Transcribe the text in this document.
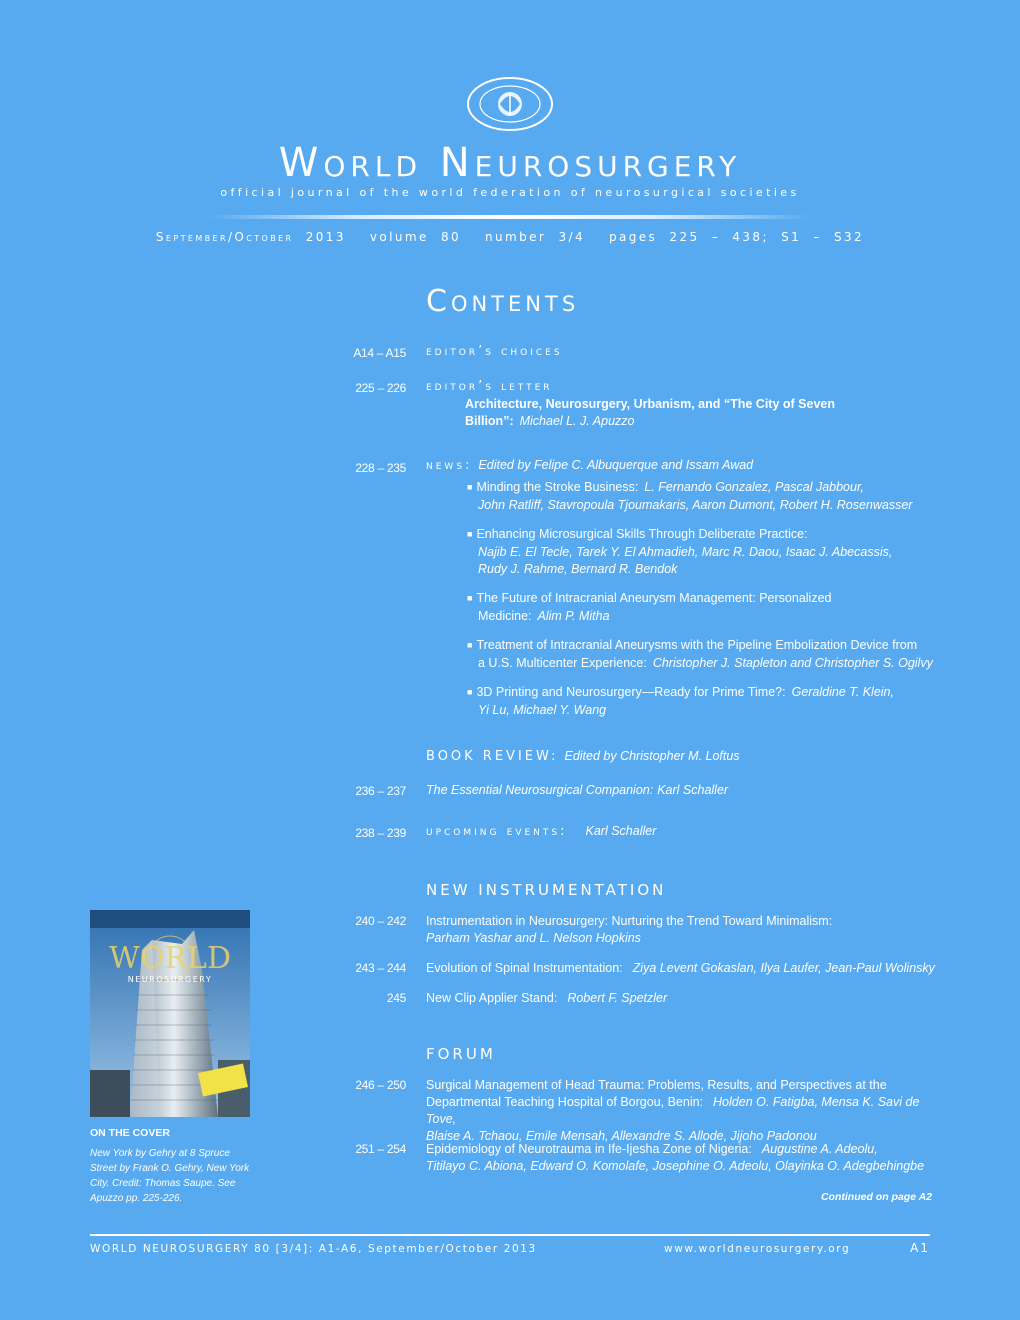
World Neurosurgery
official journal of the world federation of neurosurgical societies
September/October 2013 volume 80 number 3/4 pages 225 – 438; S1 – S32
Contents
A14 – A15 editor’s choices
225 – 226 editor’s letter
Architecture, Neurosurgery, Urbanism, and “The City of Seven
Billion”: Michael L. J. Apuzzo
228 – 235 news: Edited by Felipe C. Albuquerque and Issam Awad
■ Minding the Stroke Business: L. Fernando Gonzalez, Pascal Jabbour,
John Ratliff, Stavropoula Tjoumakaris, Aaron Dumont, Robert H. Rosenwasser
■ Enhancing Microsurgical Skills Through Deliberate Practice:
Najib E. El Tecle, Tarek Y. El Ahmadieh, Marc R. Daou, Isaac J. Abecassis,
Rudy J. Rahme, Bernard R. Bendok
■ The Future of Intracranial Aneurysm Management: Personalized
Medicine: Alim P. Mitha
■ Treatment of Intracranial Aneurysms with the Pipeline Embolization Device from
a U.S. Multicenter Experience: Christopher J. Stapleton and Christopher S. Ogilvy
■ 3D Printing and Neurosurgery—Ready for Prime Time?: Geraldine T. Klein,
Yi Lu, Michael Y. Wang
BOOK REVIEW: Edited by Christopher M. Loftus
236 – 237 The Essential Neurosurgical Companion: Karl Schaller
238 – 239 upcoming events: Karl Schaller
NEW INSTRUMENTATION
240 – 242 Instrumentation in Neurosurgery: Nurturing the Trend Toward Minimalism:
Parham Yashar and L. Nelson Hopkins
243 – 244 Evolution of Spinal Instrumentation: Ziya Levent Gokaslan, Ilya Laufer, Jean-Paul Wolinsky
245 New Clip Applier Stand: Robert F. Spetzler
FORUM
246 – 250 Surgical Management of Head Trauma: Problems, Results, and Perspectives at the
Departmental Teaching Hospital of Borgou, Benin: Holden O. Fatigba, Mensa K. Savi de Tove,
Blaise A. Tchaou, Emile Mensah, Allexandre S. Allode, Jijoho Padonou
251 – 254 Epidemiology of Neurotrauma in Ife-Ijesha Zone of Nigeria: Augustine A. Adeolu,
Titilayo C. Abiona, Edward O. Komolafe, Josephine O. Adeolu, Olayinka O. Adegbehingbe
WORLD
NEUROSURGERY
ON THE COVER
New York by Gehry at 8 Spruce Street by Frank O. Gehry, New York City. Credit: Thomas Saupe. See Apuzzo pp. 225-226.	Continued on page A2
WORLD NEUROSURGERY 80 [3/4]: A1-A6, September/October 2013	www.worldneurosurgery.org	A1
